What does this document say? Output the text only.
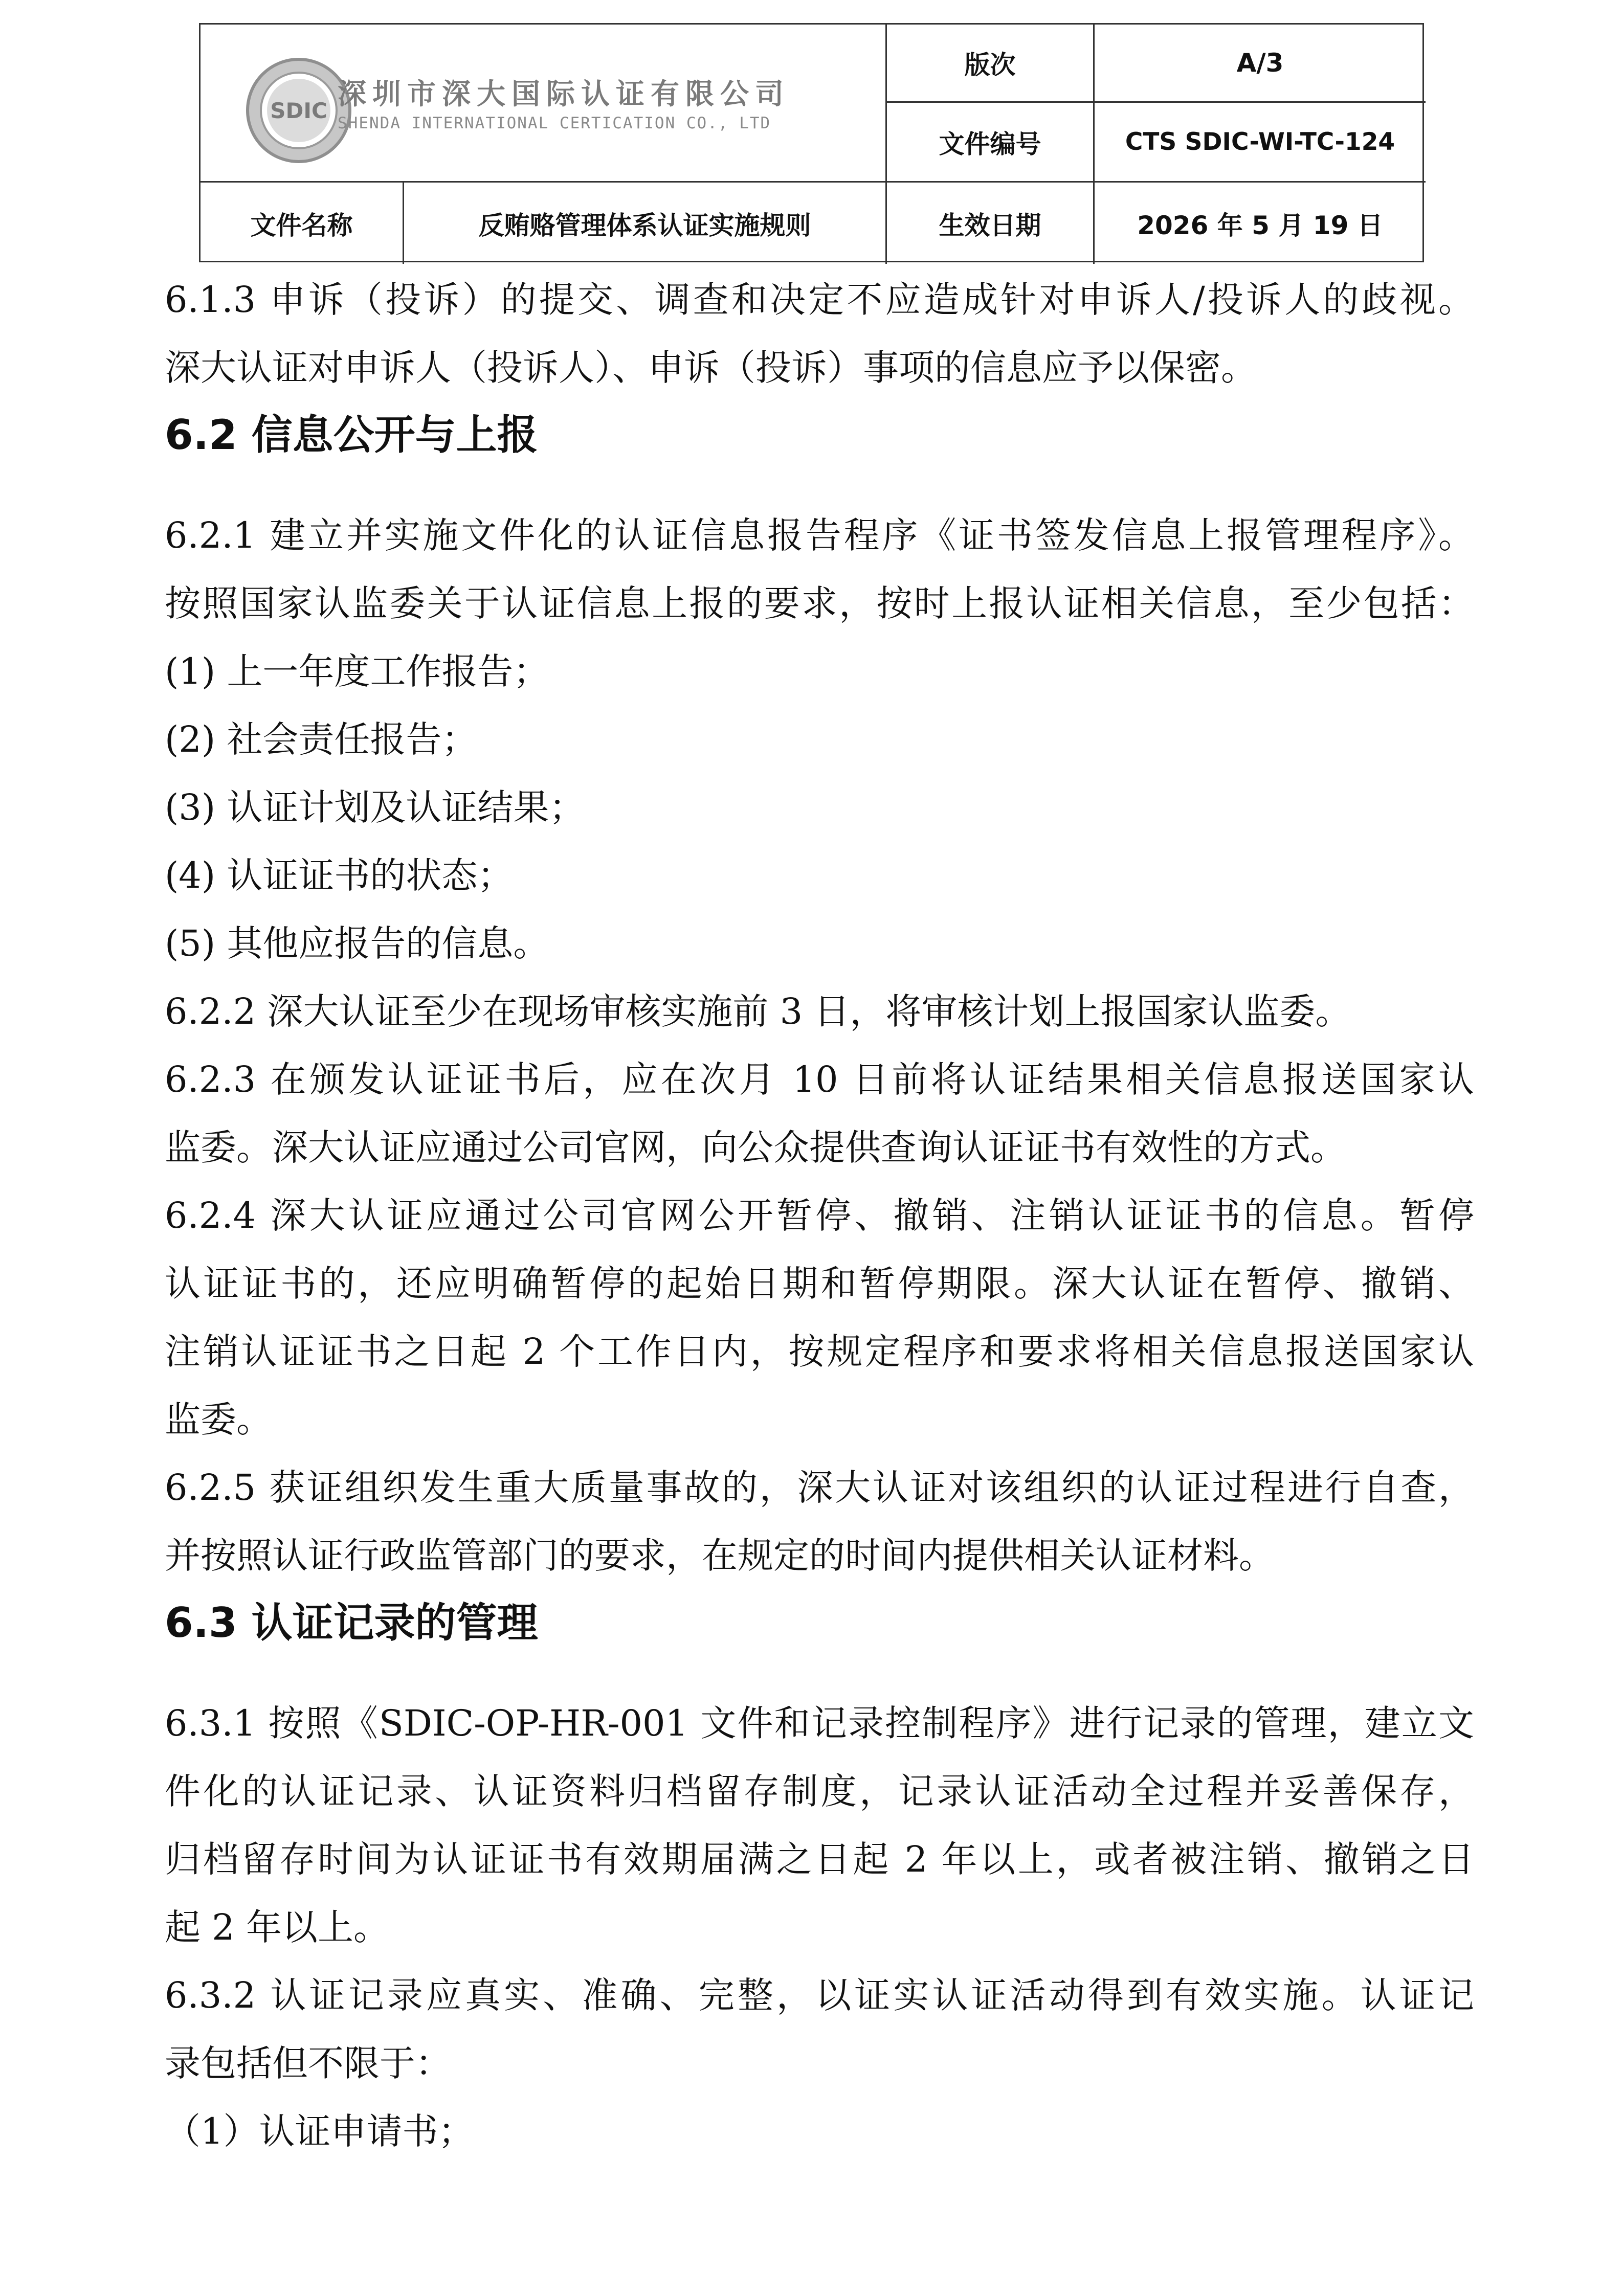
SDIC 深圳市深大国际认证有限公司
SHENDA INTERNATIONAL CERTICATION CO., LTD
版次	A/3
文件编号	CTS SDIC-WI-TC-124
文件名称	反贿赂管理体系认证实施规则	生效日期	2026 年 5 月 19 日
6.1.3 申诉（投诉）的提交、调查和决定不应造成针对申诉人/投诉人的歧视。
深大认证对申诉人（投诉人）、申诉（投诉）事项的信息应予以保密。
6.2 信息公开与上报
6.2.1 建立并实施文件化的认证信息报告程序《证书签发信息上报管理程序》。
按照国家认监委关于认证信息上报的要求，按时上报认证相关信息，至少包括：
(1) 上一年度工作报告；
(2) 社会责任报告；
(3) 认证计划及认证结果；
(4) 认证证书的状态；
(5) 其他应报告的信息。
6.2.2 深大认证至少在现场审核实施前 3 日，将审核计划上报国家认监委。
6.2.3 在颁发认证证书后，应在次月 10 日前将认证结果相关信息报送国家认
监委。深大认证应通过公司官网，向公众提供查询认证证书有效性的方式。
6.2.4 深大认证应通过公司官网公开暂停、撤销、注销认证证书的信息。暂停
认证证书的，还应明确暂停的起始日期和暂停期限。深大认证在暂停、撤销、
注销认证证书之日起 2 个工作日内，按规定程序和要求将相关信息报送国家认
监委。
6.2.5 获证组织发生重大质量事故的，深大认证对该组织的认证过程进行自查，
并按照认证行政监管部门的要求，在规定的时间内提供相关认证材料。
6.3 认证记录的管理
6.3.1 按照《SDIC-OP-HR-001 文件和记录控制程序》进行记录的管理，建立文
件化的认证记录、认证资料归档留存制度，记录认证活动全过程并妥善保存，
归档留存时间为认证证书有效期届满之日起 2 年以上，或者被注销、撤销之日
起 2 年以上。
6.3.2 认证记录应真实、准确、完整，以证实认证活动得到有效实施。认证记
录包括但不限于：
（1）认证申请书；
